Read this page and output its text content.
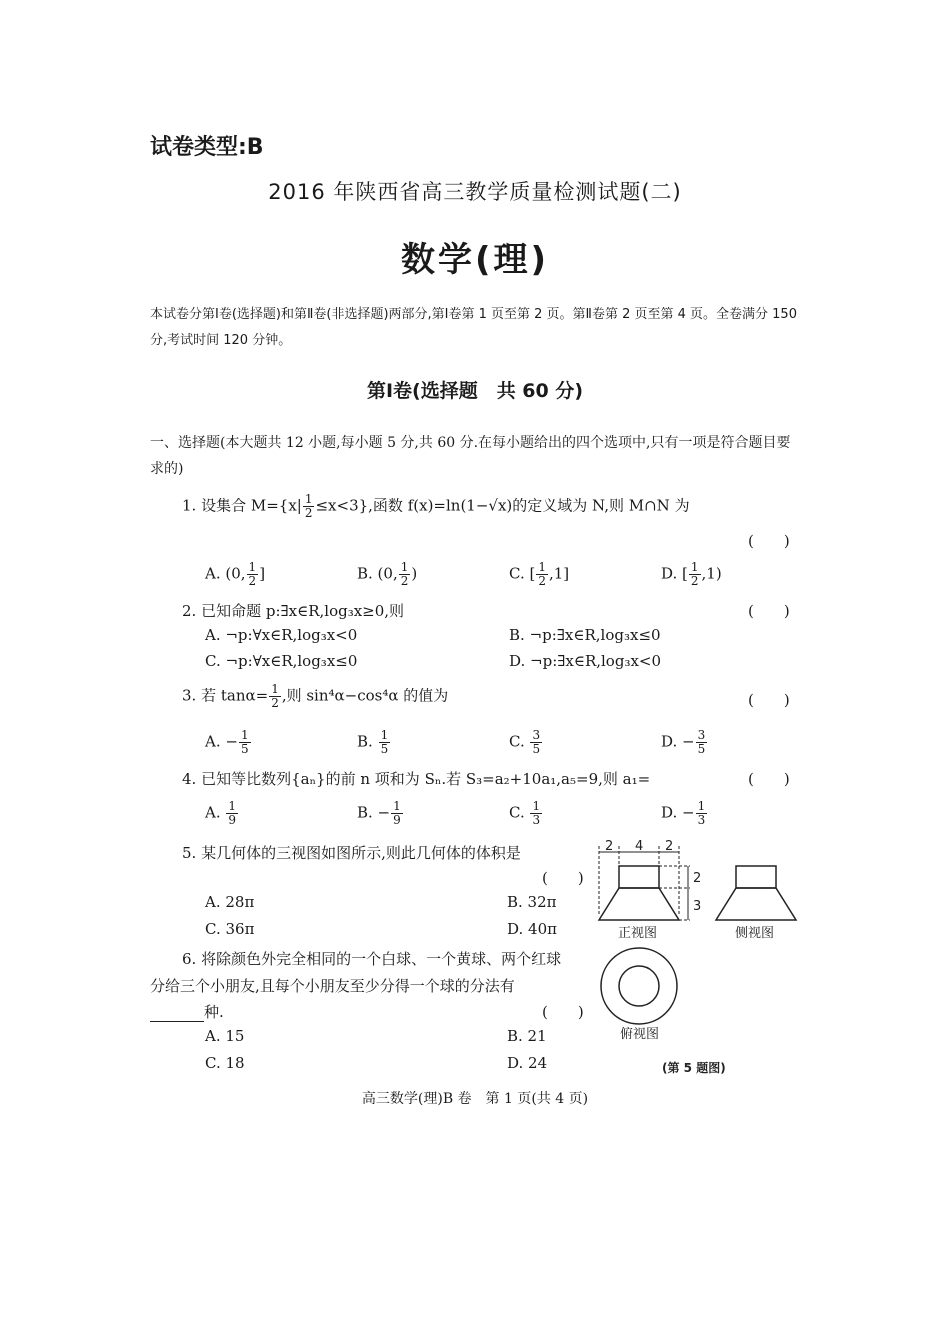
试卷类型:B
2016 年陕西省高三教学质量检测试题(二)
数学(理)
本试卷分第Ⅰ卷(选择题)和第Ⅱ卷(非选择题)两部分,第Ⅰ卷第 1 页至第 2 页。第Ⅱ卷第 2 页至第 4 页。全卷满分 150 分,考试时间 120 分钟。
第Ⅰ卷(选择题　共 60 分)
一、选择题(本大题共 12 小题,每小题 5 分,共 60 分.在每小题给出的四个选项中,只有一项是符合题目要求的)
1. 设集合 $M=\{x| \frac{1}{2} \le x<3\}$,函数 f(x)=ln(1−√x)的定义域为 N,则 M∩N 为
(　　)
A. (0, $\frac{1}{2}$ ]	B. (0, $\frac{1}{2}$ )	C. [ $\frac{1}{2} ,1$]	D. [ $\frac{1}{2} ,1$)
2. 已知命题 p:∃x∈R,log₃x≥0,则	(　　)
A. ¬p:∀x∈R,log₃x<0	B. ¬p:∃x∈R,log₃x≤0
C. ¬p:∀x∈R,log₃x≤0	D. ¬p:∃x∈R,log₃x<0
3. 若 $\tan\alpha= \frac{1}{2}$ ,则 sin⁴α−cos⁴α 的值为	(　　)
A. − $\frac{1}{5}$	B. $\frac{1}{5}$	C. $\frac{3}{5}$	D. − $\frac{3}{5}$
4. 已知等比数列{aₙ}的前 n 项和为 Sₙ.若 S₃=a₂+10a₁,a₅=9,则 a₁=	(　　)
A. $\frac{1}{9}$	B. − $\frac{1}{9}$	C. $\frac{1}{3}$	D. − $\frac{1}{3}$
5. 某几何体的三视图如图所示,则此几何体的体积是
(　　)
A. 28π	B. 32π
C. 36π	D. 40π
6. 将除颜色外完全相同的一个白球、一个黄球、两个红球
分给三个小朋友,且每个小朋友至少分得一个球的分法有
种.	(　　)
A. 15	B. 21
C. 18	D. 24
2 4 2
2
3
正视图	侧视图
俯视图
(第 5 题图)
高三数学(理)B 卷　第 1 页(共 4 页)
